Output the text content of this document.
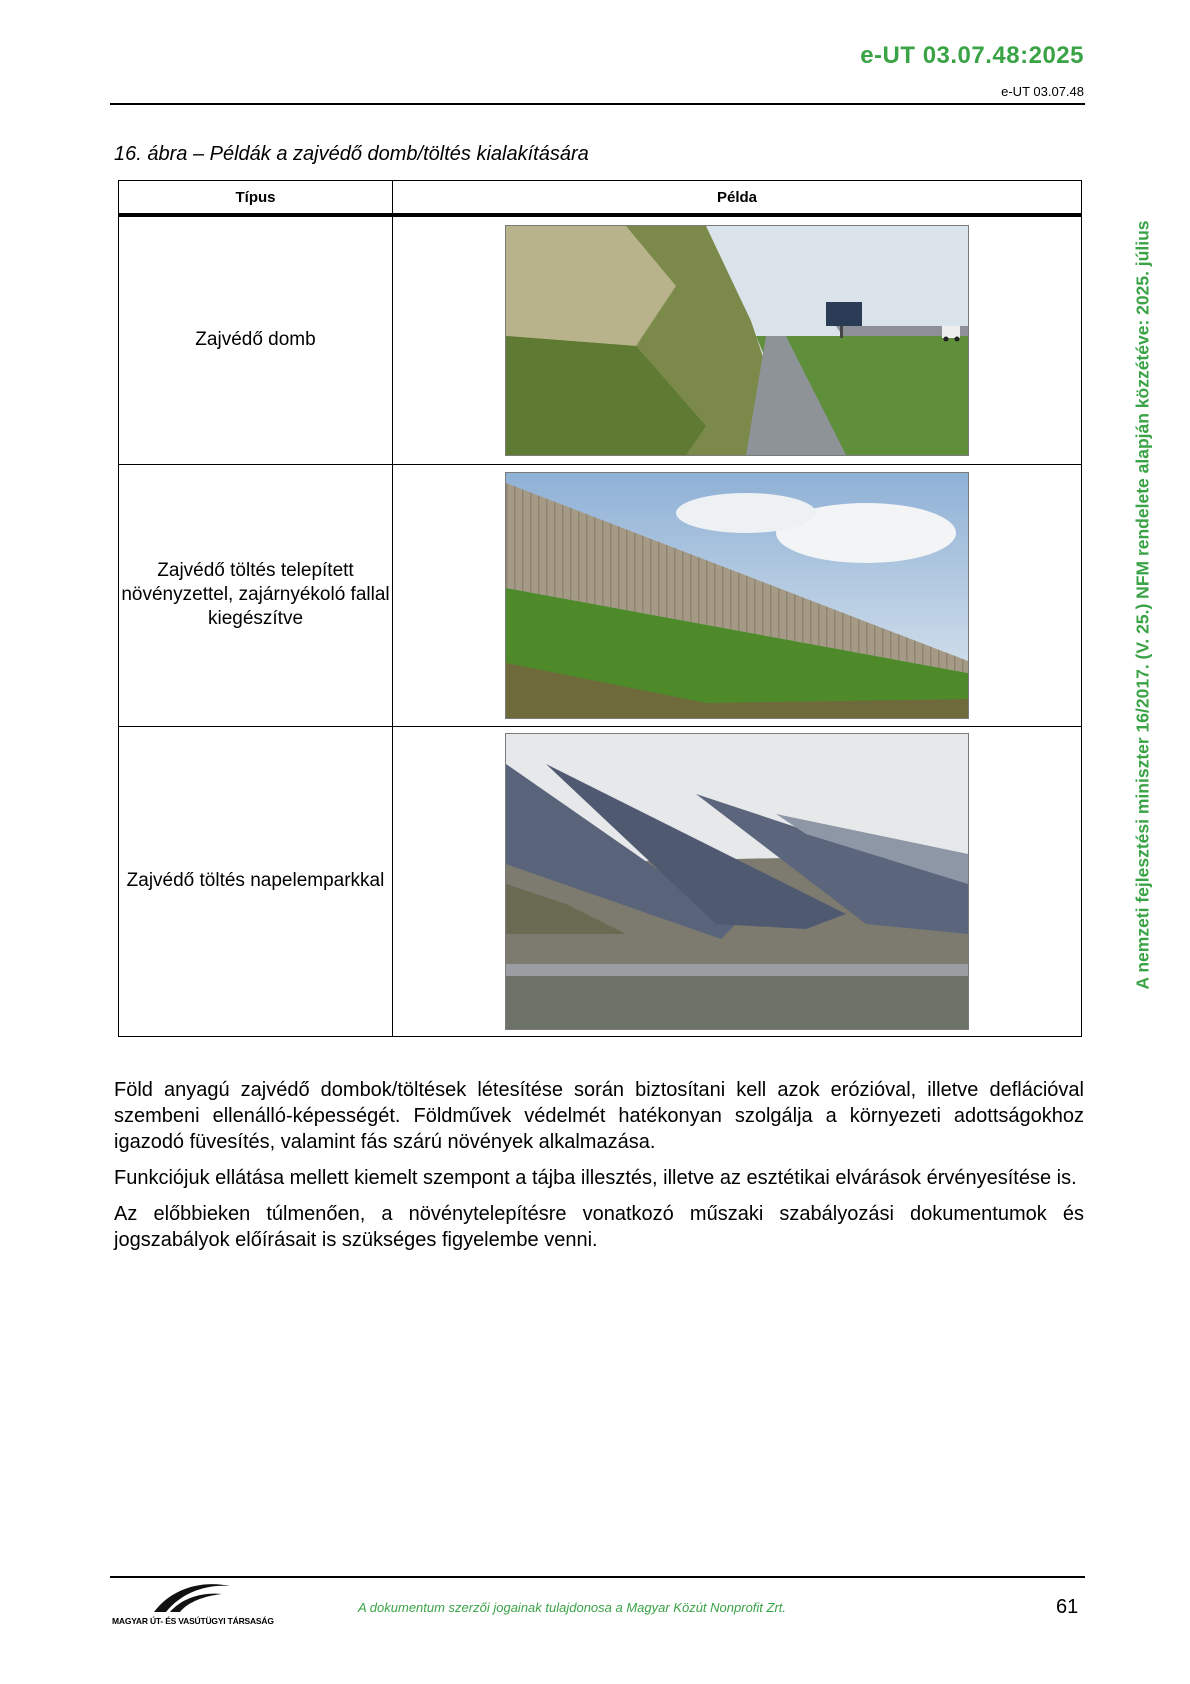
e-UT 03.07.48:2025
e-UT 03.07.48
A nemzeti fejlesztési miniszter 16/2017. (V. 25.) NFM rendelete alapján közzétéve: 2025. július
16. ábra – Példák a zajvédő domb/töltés kialakítására
Típus	Példa
Zajvédő domb	

Zajvédő töltés telepített növényzettel, zajárnyékoló fallal kiegészítve	

Zajvédő töltés napelemparkkal	

Föld anyagú zajvédő dombok/töltések létesítése során biztosítani kell azok erózióval, illetve deflációval szembeni ellenálló-képességét. Földművek védelmét hatékonyan szolgálja a környezeti adottságokhoz igazodó füvesítés, valamint fás szárú növények alkalmazása.

Funkciójuk ellátása mellett kiemelt szempont a tájba illesztés, illetve az esztétikai elvárások érvényesítése is.

Az előbbieken túlmenően, a növénytelepítésre vonatkozó műszaki szabályozási dokumentumok és jogszabályok előírásait is szükséges figyelembe venni.

MAGYAR ÚT- ÉS VASÚTÜGYI TÁRSASÁG
A dokumentum szerzői jogainak tulajdonosa a Magyar Közút Nonprofit Zrt.	61
